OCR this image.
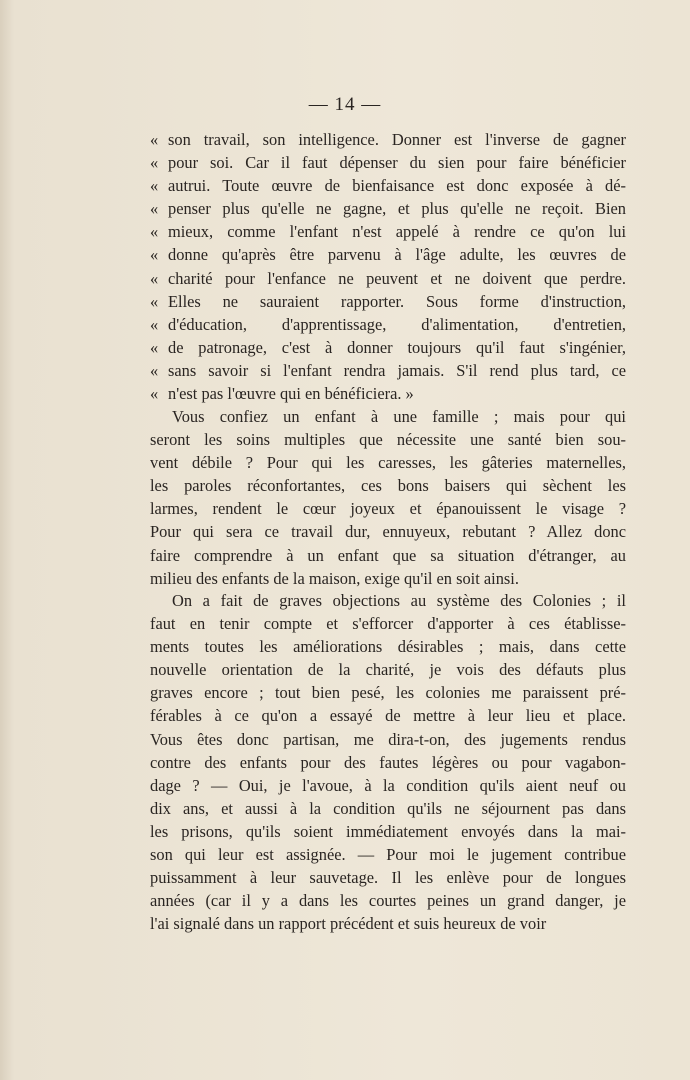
— 14 —
« son travail, son intelligence. Donner est l'inverse de gagner
« pour soi. Car il faut dépenser du sien pour faire bénéficier
« autrui. Toute œuvre de bienfaisance est donc exposée à dé-
« penser plus qu'elle ne gagne, et plus qu'elle ne reçoit. Bien
« mieux, comme l'enfant n'est appelé à rendre ce qu'on lui
« donne qu'après être parvenu à l'âge adulte, les œuvres de
« charité pour l'enfance ne peuvent et ne doivent que perdre.
« Elles ne sauraient rapporter. Sous forme d'instruction,
« d'éducation, d'apprentissage, d'alimentation, d'entretien,
« de patronage, c'est à donner toujours qu'il faut s'ingénier,
« sans savoir si l'enfant rendra jamais. S'il rend plus tard, ce
« n'est pas l'œuvre qui en bénéficiera. »
Vous confiez un enfant à une famille ; mais pour qui
seront les soins multiples que nécessite une santé bien sou-
vent débile ? Pour qui les caresses, les gâteries maternelles,
les paroles réconfortantes, ces bons baisers qui sèchent les
larmes, rendent le cœur joyeux et épanouissent le visage ?
Pour qui sera ce travail dur, ennuyeux, rebutant ? Allez donc
faire comprendre à un enfant que sa situation d'étranger, au
milieu des enfants de la maison, exige qu'il en soit ainsi.
On a fait de graves objections au système des Colonies ; il
faut en tenir compte et s'efforcer d'apporter à ces établisse-
ments toutes les améliorations désirables ; mais, dans cette
nouvelle orientation de la charité, je vois des défauts plus
graves encore ; tout bien pesé, les colonies me paraissent pré-
férables à ce qu'on a essayé de mettre à leur lieu et place.
Vous êtes donc partisan, me dira-t-on, des jugements rendus
contre des enfants pour des fautes légères ou pour vagabon-
dage ? — Oui, je l'avoue, à la condition qu'ils aient neuf ou
dix ans, et aussi à la condition qu'ils ne séjournent pas dans
les prisons, qu'ils soient immédiatement envoyés dans la mai-
son qui leur est assignée. — Pour moi le jugement contribue
puissamment à leur sauvetage. Il les enlève pour de longues
années (car il y a dans les courtes peines un grand danger, je
l'ai signalé dans un rapport précédent et suis heureux de voir
